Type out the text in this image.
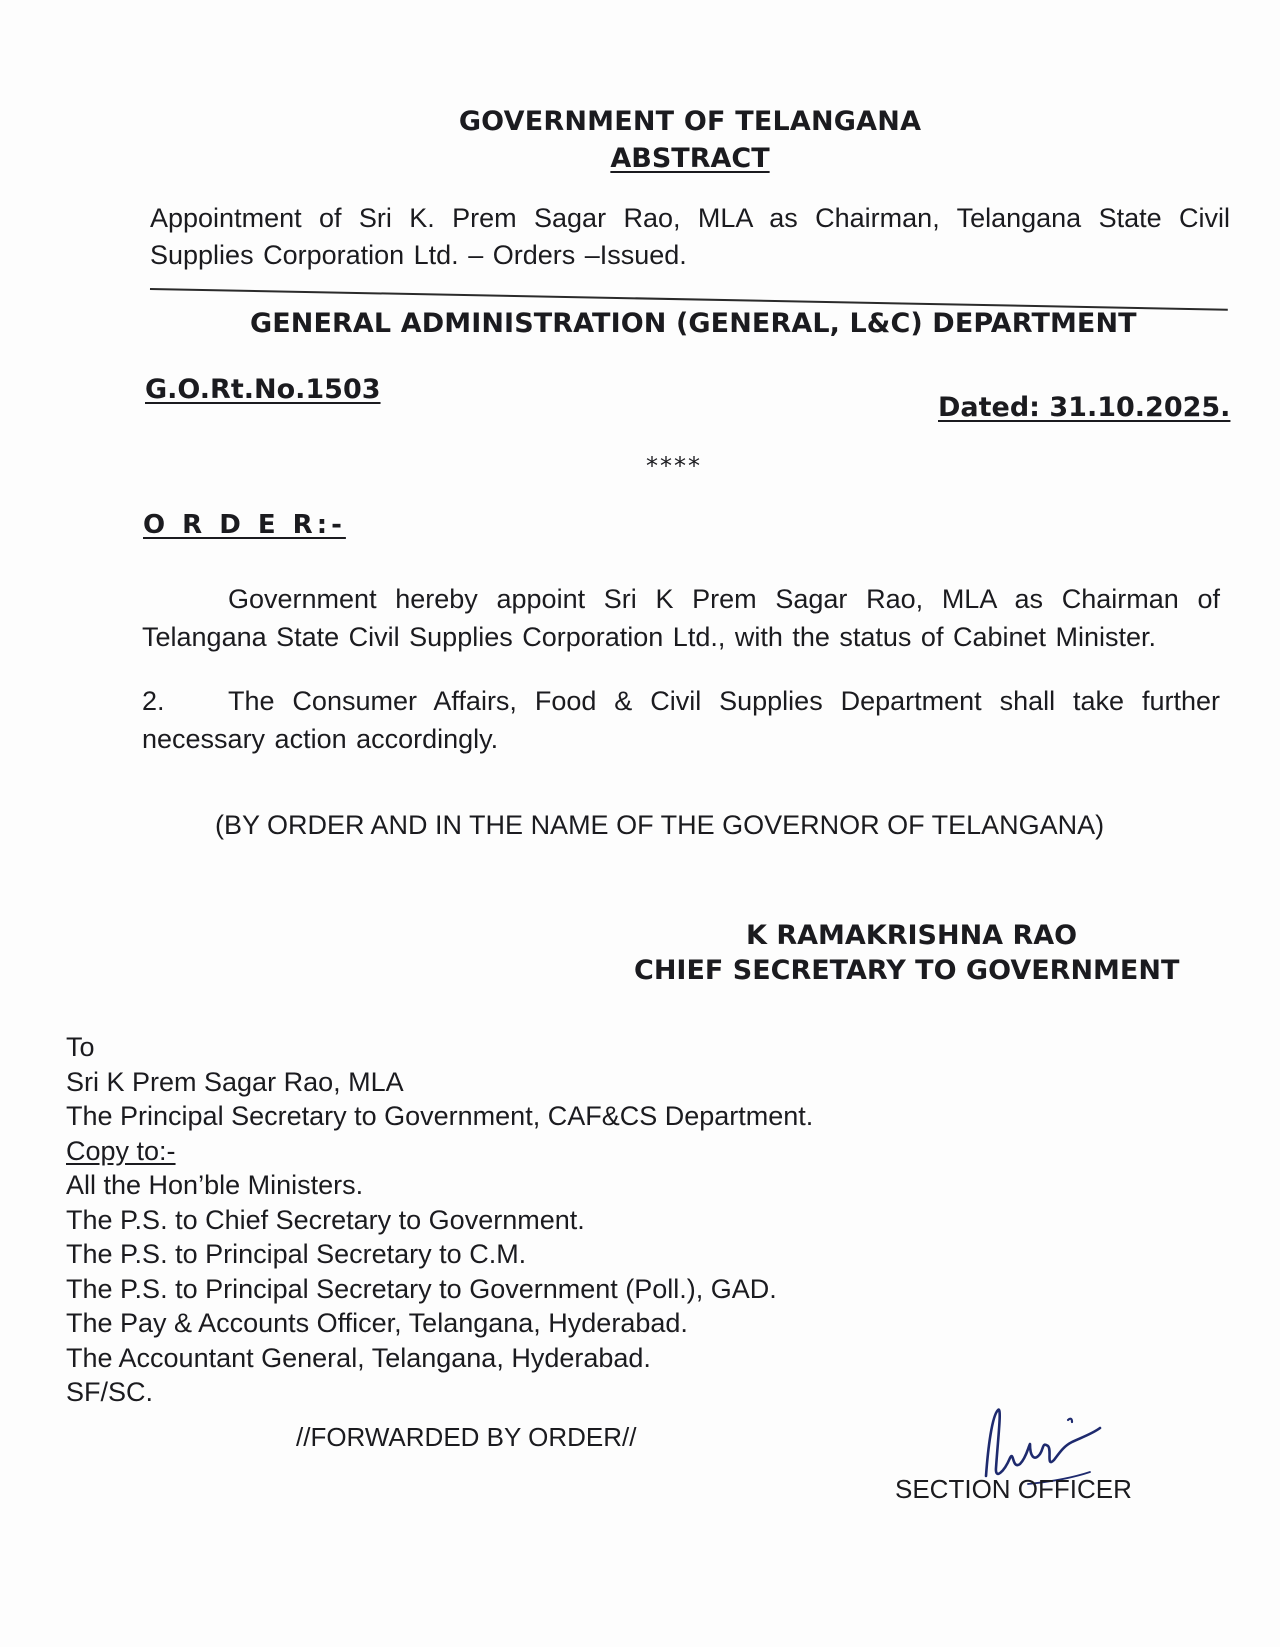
GOVERNMENT OF TELANGANA
ABSTRACT
Appointment of Sri K. Prem Sagar Rao, MLA as Chairman, Telangana State Civil Supplies Corporation Ltd. – Orders –Issued.
GENERAL ADMINISTRATION (GENERAL, L&C) DEPARTMENT
G.O.Rt.No.1503
Dated: 31.10.2025.
****
O R D E R:-
Government hereby appoint Sri K Prem Sagar Rao, MLA as Chairman of Telangana State Civil Supplies Corporation Ltd., with the status of Cabinet Minister.
2. The Consumer Affairs, Food & Civil Supplies Department shall take further necessary action accordingly.
(BY ORDER AND IN THE NAME OF THE GOVERNOR OF TELANGANA)
K RAMAKRISHNA RAO
CHIEF SECRETARY TO GOVERNMENT
To
Sri K Prem Sagar Rao, MLA
The Principal Secretary to Government, CAF&CS Department.
Copy to:-
All the Hon’ble Ministers.
The P.S. to Chief Secretary to Government.
The P.S. to Principal Secretary to C.M.
The P.S. to Principal Secretary to Government (Poll.), GAD.
The Pay & Accounts Officer, Telangana, Hyderabad.
The Accountant General, Telangana, Hyderabad.
SF/SC.
//FORWARDED BY ORDER//
SECTION OFFICER
